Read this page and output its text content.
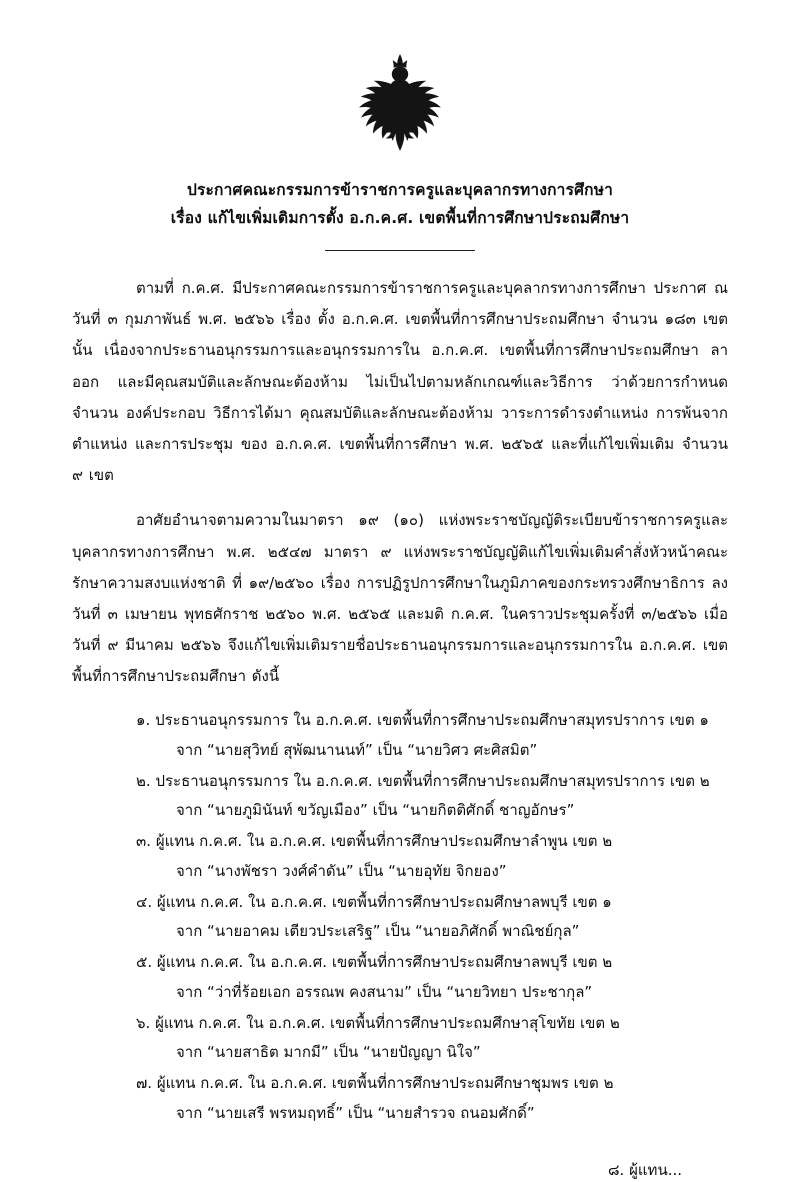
ประกาศคณะกรรมการข้าราชการครูและบุคลากรทางการศึกษา
เรื่อง แก้ไขเพิ่มเติมการตั้ง อ.ก.ค.ศ. เขตพื้นที่การศึกษาประถมศึกษา

ตามที่ ก.ค.ศ. มีประกาศคณะกรรมการข้าราชการครูและบุคลากรทางการศึกษา ประกาศ ณ วันที่ ๓ กุมภาพันธ์ พ.ศ. ๒๕๖๖ เรื่อง ตั้ง อ.ก.ค.ศ. เขตพื้นที่การศึกษาประถมศึกษา จำนวน ๑๘๓ เขต นั้น เนื่องจากประธานอนุกรรมการและอนุกรรมการใน อ.ก.ค.ศ. เขตพื้นที่การศึกษาประถมศึกษา ลาออก และมีคุณสมบัติและลักษณะต้องห้าม ไม่เป็นไปตามหลักเกณฑ์และวิธีการ ว่าด้วยการกำหนดจำนวน องค์ประกอบ วิธีการได้มา คุณสมบัติและลักษณะต้องห้าม วาระการดำรงตำแหน่ง การพ้นจากตำแหน่ง และการประชุม ของ อ.ก.ค.ศ. เขตพื้นที่การศึกษา พ.ศ. ๒๕๖๕ และที่แก้ไขเพิ่มเติม จำนวน ๙ เขต

อาศัยอำนาจตามความในมาตรา ๑๙ (๑๐) แห่งพระราชบัญญัติระเบียบข้าราชการครูและบุคลากรทางการศึกษา พ.ศ. ๒๕๔๗ มาตรา ๙ แห่งพระราชบัญญัติแก้ไขเพิ่มเติมคำสั่งหัวหน้าคณะรักษาความสงบแห่งชาติ ที่ ๑๙/๒๕๖๐ เรื่อง การปฏิรูปการศึกษาในภูมิภาคของกระทรวงศึกษาธิการ ลงวันที่ ๓ เมษายน พุทธศักราช ๒๕๖๐ พ.ศ. ๒๕๖๕ และมติ ก.ค.ศ. ในคราวประชุมครั้งที่ ๓/๒๕๖๖ เมื่อวันที่ ๙ มีนาคม ๒๕๖๖ จึงแก้ไขเพิ่มเติมรายชื่อประธานอนุกรรมการและอนุกรรมการใน อ.ก.ค.ศ. เขตพื้นที่การศึกษาประถมศึกษา ดังนี้

๑. ประธานอนุกรรมการ ใน อ.ก.ค.ศ. เขตพื้นที่การศึกษาประถมศึกษาสมุทรปราการ เขต ๑
จาก “นายสุวิทย์ สุพัฒนานนท์” เป็น “นายวิศว ศะศิสมิต”
๒. ประธานอนุกรรมการ ใน อ.ก.ค.ศ. เขตพื้นที่การศึกษาประถมศึกษาสมุทรปราการ เขต ๒
จาก “นายภูมินันท์ ขวัญเมือง” เป็น “นายกิตติศักดิ์ ชาญอักษร”
๓. ผู้แทน ก.ค.ศ. ใน อ.ก.ค.ศ. เขตพื้นที่การศึกษาประถมศึกษาลำพูน เขต ๒
จาก “นางพัชรา วงศ์คำดัน” เป็น “นายอุทัย จิกยอง”
๔. ผู้แทน ก.ค.ศ. ใน อ.ก.ค.ศ. เขตพื้นที่การศึกษาประถมศึกษาลพบุรี เขต ๑
จาก “นายอาคม เตียวประเสริฐ” เป็น “นายอภิศักดิ์ พาณิชย์กุล”
๕. ผู้แทน ก.ค.ศ. ใน อ.ก.ค.ศ. เขตพื้นที่การศึกษาประถมศึกษาลพบุรี เขต ๒
จาก “ว่าที่ร้อยเอก อรรณพ คงสนาม” เป็น “นายวิทยา ประชากุล”
๖. ผู้แทน ก.ค.ศ. ใน อ.ก.ค.ศ. เขตพื้นที่การศึกษาประถมศึกษาสุโขทัย เขต ๒
จาก “นายสาธิต มากมี” เป็น “นายปัญญา นิใจ”
๗. ผู้แทน ก.ค.ศ. ใน อ.ก.ค.ศ. เขตพื้นที่การศึกษาประถมศึกษาชุมพร เขต ๒
จาก “นายเสรี พรหมฤทธิ์” เป็น “นายสำรวจ ถนอมศักดิ์”
๘. ผู้แทน...
